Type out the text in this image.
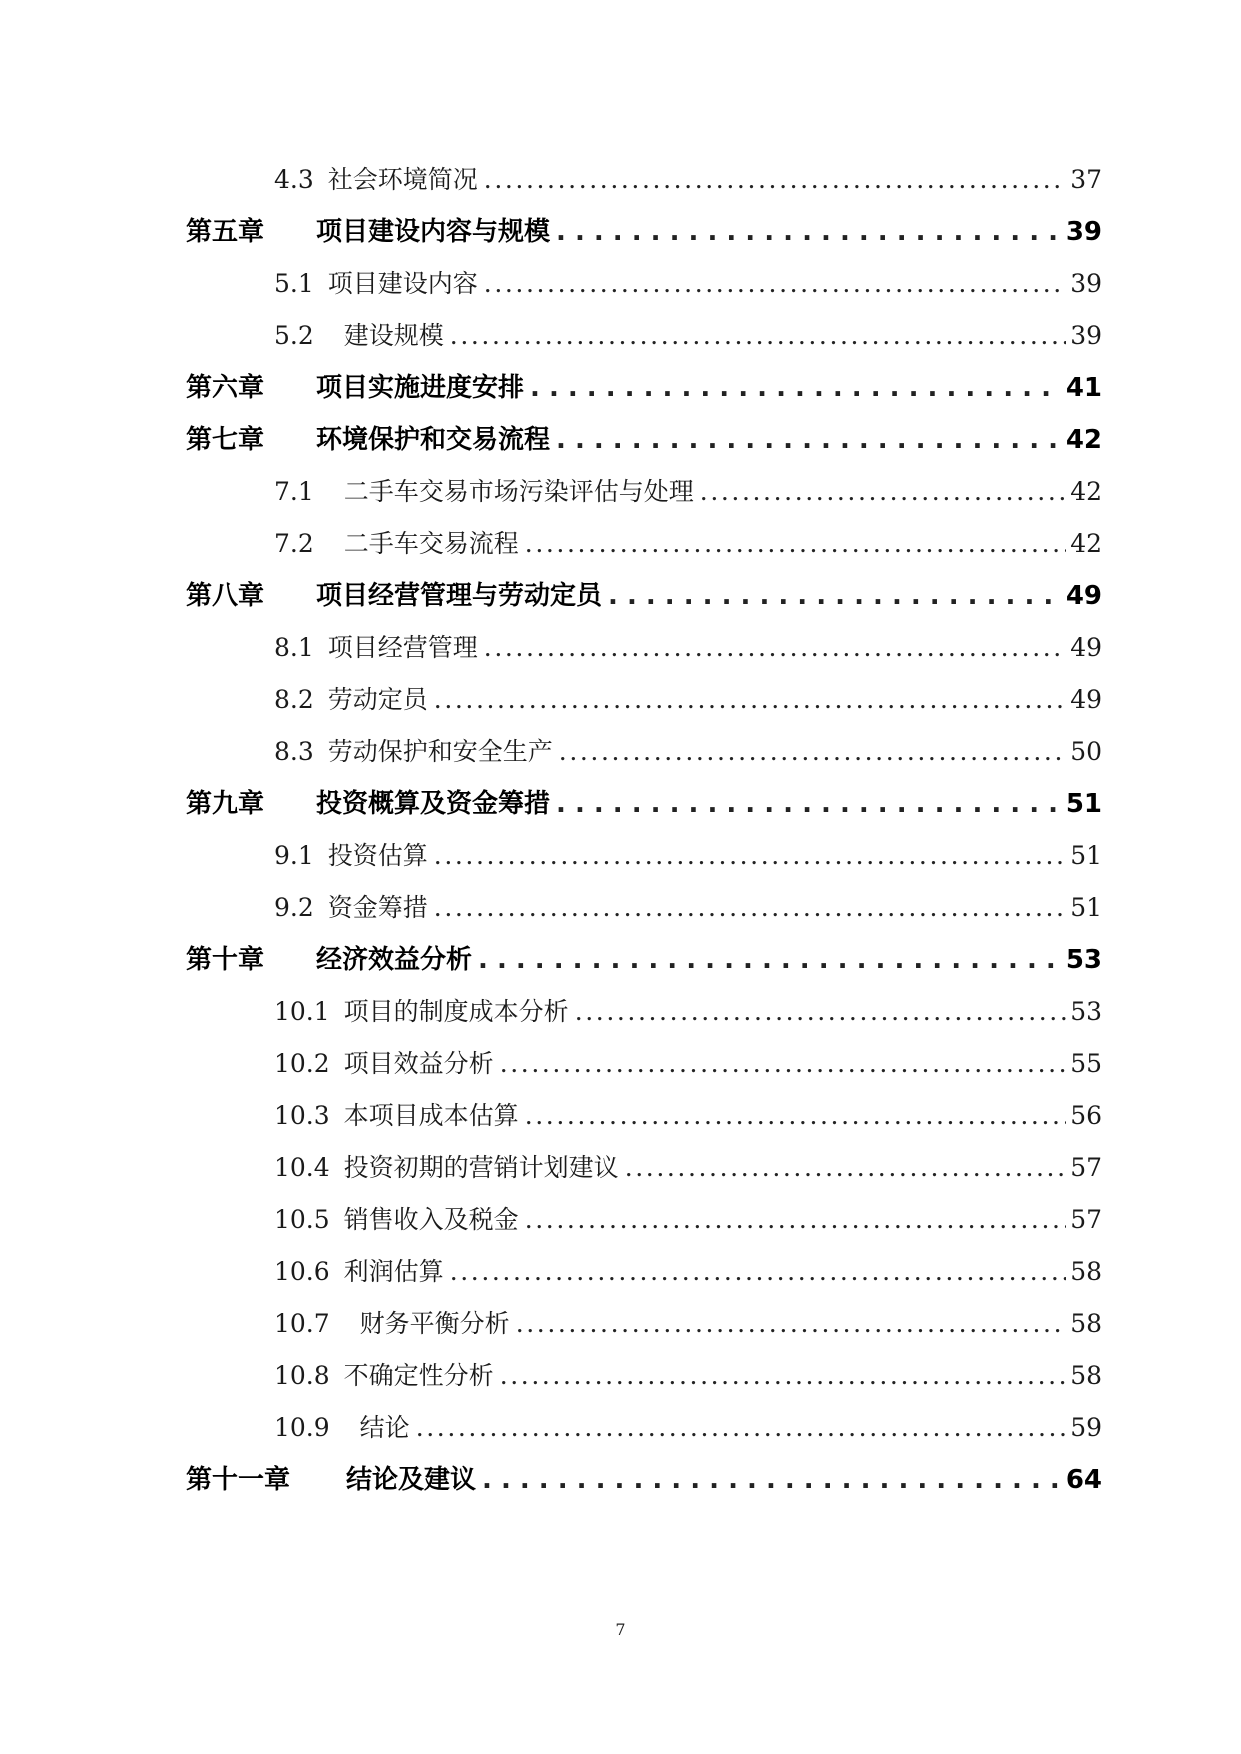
4.3 社会环境简况 .....	37
第五章	项目建设内容与规模 . . .	39
5.1 项目建设内容 .....	39
5.2 建设规模 .....	39
第六章	项目实施进度安排 . . .	41
第七章	环境保护和交易流程 . . .	42
7.1 二手车交易市场污染评估与处理 .....	42
7.2 二手车交易流程 .....	42
第八章	项目经营管理与劳动定员 . . .	49
8.1 项目经营管理 .....	49
8.2 劳动定员 .....	49
8.3 劳动保护和安全生产 .....	50
第九章	投资概算及资金筹措 . . .	51
9.1 投资估算 .....	51
9.2 资金筹措 .....	51
第十章	经济效益分析 . . .	53
10.1 项目的制度成本分析 .....	53
10.2 项目效益分析 .....	55
10.3 本项目成本估算 .....	56
10.4 投资初期的营销计划建议 .....	57
10.5 销售收入及税金 .....	57
10.6 利润估算 .....	58
10.7 财务平衡分析 .....	58
10.8 不确定性分析 .....	58
10.9 结论 .....	59
第十一章	结论及建议 . . .	64
7
